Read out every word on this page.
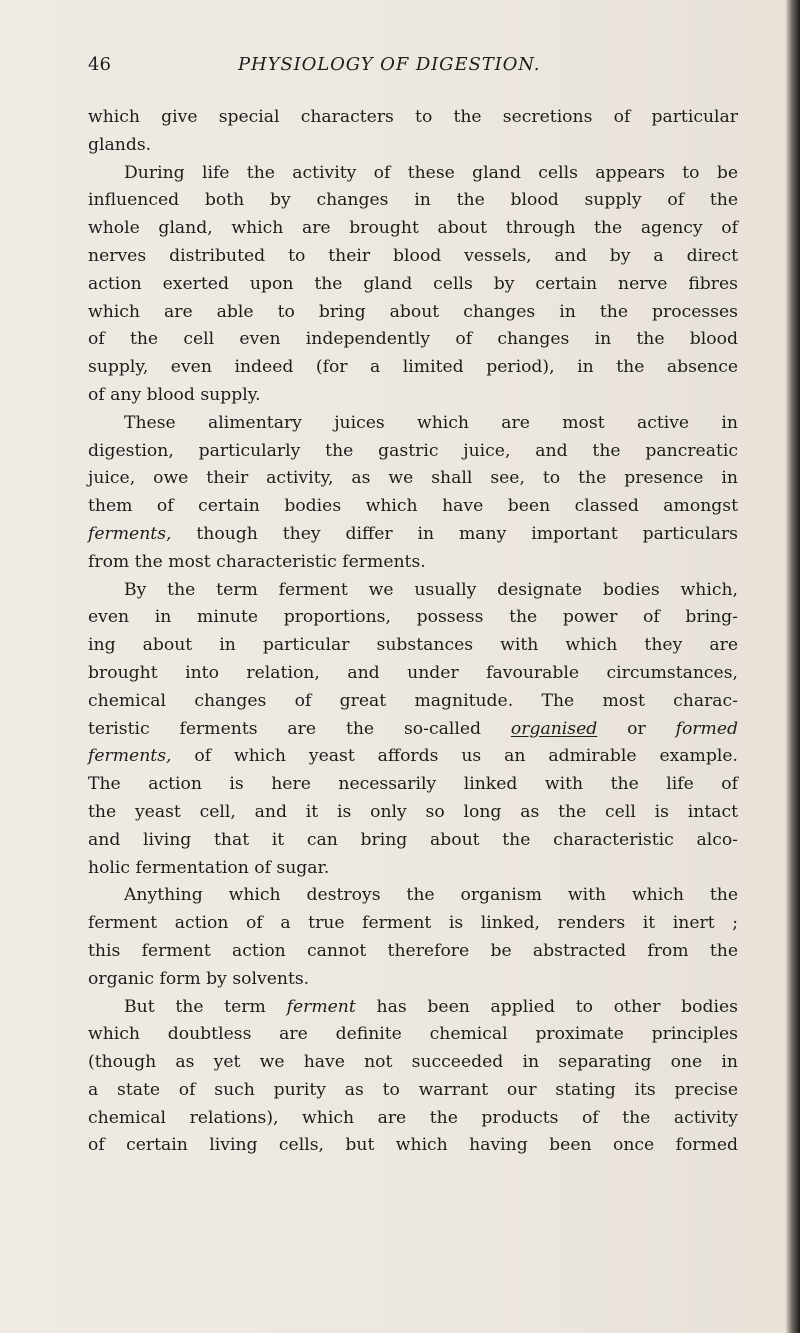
46	PHYSIOLOGY OF DIGESTION.
which give special characters to the secretions of particular
glands.
During life the activity of these gland cells appears to be
influenced both by changes in the blood supply of the
whole gland, which are brought about through the agency of
nerves distributed to their blood vessels, and by a direct
action exerted upon the gland cells by certain nerve fibres
which are able to bring about changes in the processes
of the cell even independently of changes in the blood
supply, even indeed (for a limited period), in the absence
of any blood supply.
These alimentary juices which are most active in
digestion, particularly the gastric juice, and the pancreatic
juice, owe their activity, as we shall see, to the presence in
them of certain bodies which have been classed amongst
ferments, though they differ in many important particulars
from the most characteristic ferments.
By the term ferment we usually designate bodies which,
even in minute proportions, possess the power of bring-
ing about in particular substances with which they are
brought into relation, and under favourable circumstances,
chemical changes of great magnitude. The most charac-
teristic ferments are the so-called organised or formed
ferments, of which yeast affords us an admirable example.
The action is here necessarily linked with the life of
the yeast cell, and it is only so long as the cell is intact
and living that it can bring about the characteristic alco-
holic fermentation of sugar.
Anything which destroys the organism with which the
ferment action of a true ferment is linked, renders it inert ;
this ferment action cannot therefore be abstracted from the
organic form by solvents.
But the term ferment has been applied to other bodies
which doubtless are definite chemical proximate principles
(though as yet we have not succeeded in separating one in
a state of such purity as to warrant our stating its precise
chemical relations), which are the products of the activity
of certain living cells, but which having been once formed
